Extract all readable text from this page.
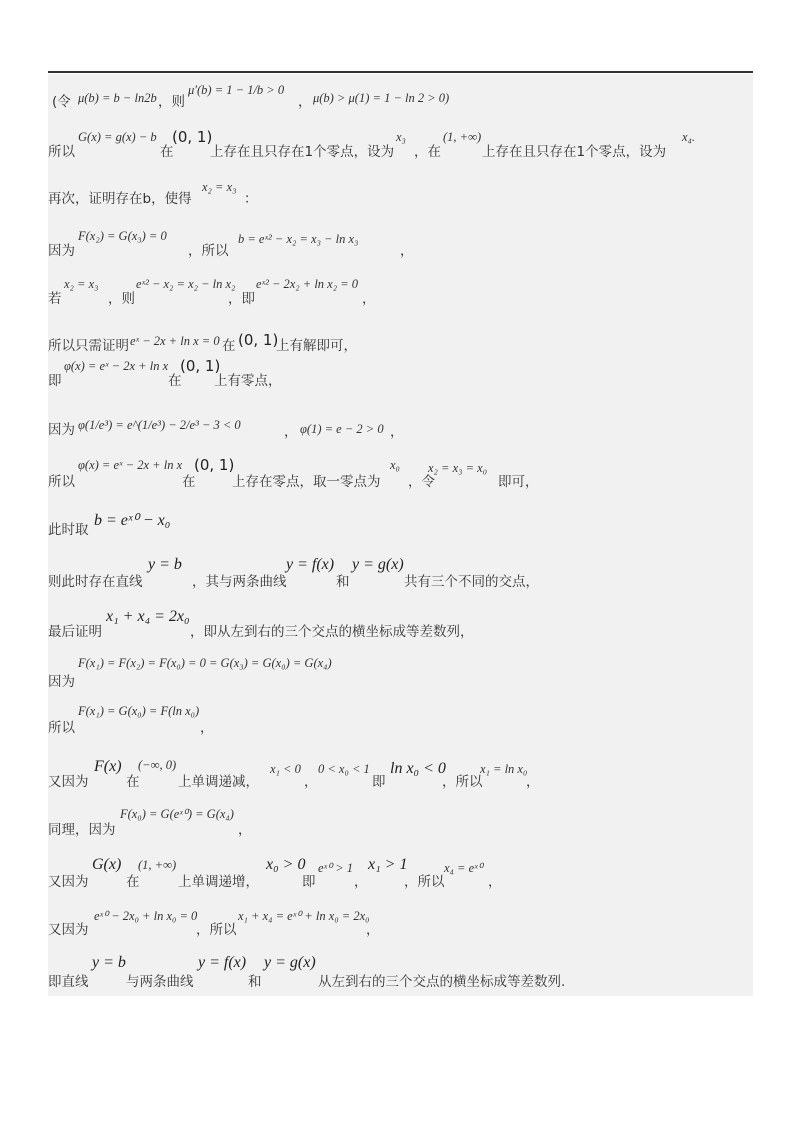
(令 μ(b) = b − ln2b ，则
μ′(b) = 1 − 1/b > 0
， μ(b) > μ(1) = 1 − ln 2 > 0)
所以
G(x) = g(x) − b
在
(0, 1)
上存在且只存在1个零点，设为
x₃
，在
(1, +∞)
上存在且只存在1个零点，设为
x₄.
再次，证明存在b，使得
x₂ = x₃
：
因为
F(x₂) = G(x₃) = 0
，所以
b = eˣ² − x₂ = x₃ − ln x₃
，
若
x₂ = x₃
，则
eˣ² − x₂ = x₂ − ln x₂
，即
eˣ² − 2x₂ + ln x₂ = 0
，
所以只需证明 eˣ − 2x + ln x = 0 在 (0, 1)
上有解即可，
即
φ(x) = eˣ − 2x + ln x
在
(0, 1)
上有零点，
因为 φ(1/e³) = e^(1/e³) − 2/e³ − 3 < 0	， φ(1) = e − 2 > 0 ，
所以
φ(x) = eˣ − 2x + ln x
在
(0, 1)
上存在零点，取一零点为
x₀
，令
x₂ = x₃ = x₀
即可，
此时取
b = eˣ⁰ − x₀
则此时存在直线
y = b
，其与两条曲线
y = f(x)
和
y = g(x)
共有三个不同的交点，
最后证明
x₁ + x₄ = 2x₀
，即从左到右的三个交点的横坐标成等差数列，
F(x₁) = F(x₂) = F(x₀) = 0 = G(x₃) = G(x₀) = G(x₄)
因为
F(x₁) = G(x₀) = F(ln x₀)
所以	，
又因为
F(x)
在
(−∞, 0)
上单调递减，
x₁ < 0
，
0 < x₀ < 1
即
ln x₀ < 0
，所以
x₁ = ln x₀
，
同理，因为
F(x₀) = G(eˣ⁰) = G(x₄)
，
又因为
G(x)
在
(1, +∞)
上单调递增，
x₀ > 0
即
eˣ⁰ > 1
，
x₁ > 1
，所以
x₄ = eˣ⁰
，
又因为
eˣ⁰ − 2x₀ + ln x₀ = 0
，所以
x₁ + x₄ = eˣ⁰ + ln x₀ = 2x₀
，
即直线
y = b
与两条曲线
y = f(x)
和
y = g(x)
从左到右的三个交点的横坐标成等差数列.
